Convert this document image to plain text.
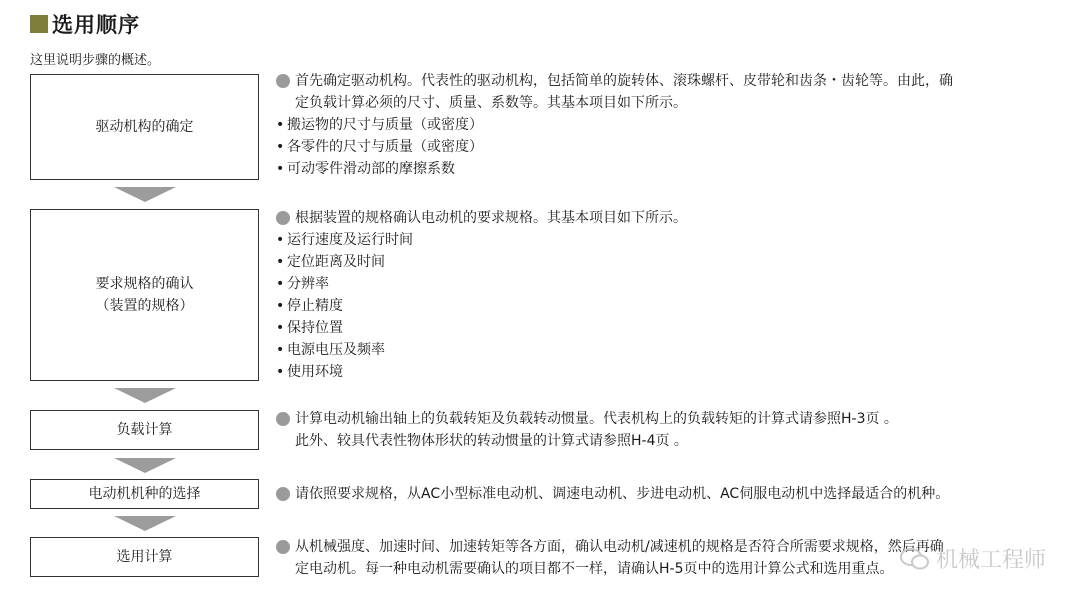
选用顺序
这里说明步骤的概述。
驱动机构的确定
首先确定驱动机构。代表性的驱动机构，包括简单的旋转体、滚珠螺杆、皮带轮和齿条・齿轮等。由此，确
定负载计算必须的尺寸、质量、系数等。其基本项目如下所示。
• 搬运物的尺寸与质量（或密度）
• 各零件的尺寸与质量（或密度）
• 可动零件滑动部的摩擦系数
要求规格的确认
（装置的规格）
根据装置的规格确认电动机的要求规格。其基本项目如下所示。
• 运行速度及运行时间
• 定位距离及时间
• 分辨率
• 停止精度
• 保持位置
• 电源电压及频率
• 使用环境
负载计算
计算电动机输出轴上的负载转矩及负载转动惯量。代表机构上的负载转矩的计算式请参照H-3页 。
此外、较具代表性物体形状的转动惯量的计算式请参照H-4页 。
电动机机种的选择	请依照要求规格，从AC小型标准电动机、调速电动机、步进电动机、AC伺服电动机中选择最适合的机种。
选用计算
从机械强度、加速时间、加速转矩等各方面，确认电动机/减速机的规格是否符合所需要求规格，然后再确
定电动机。每一种电动机需要确认的项目都不一样，请确认H-5页中的选用计算公式和选用重点。	机械工程师
